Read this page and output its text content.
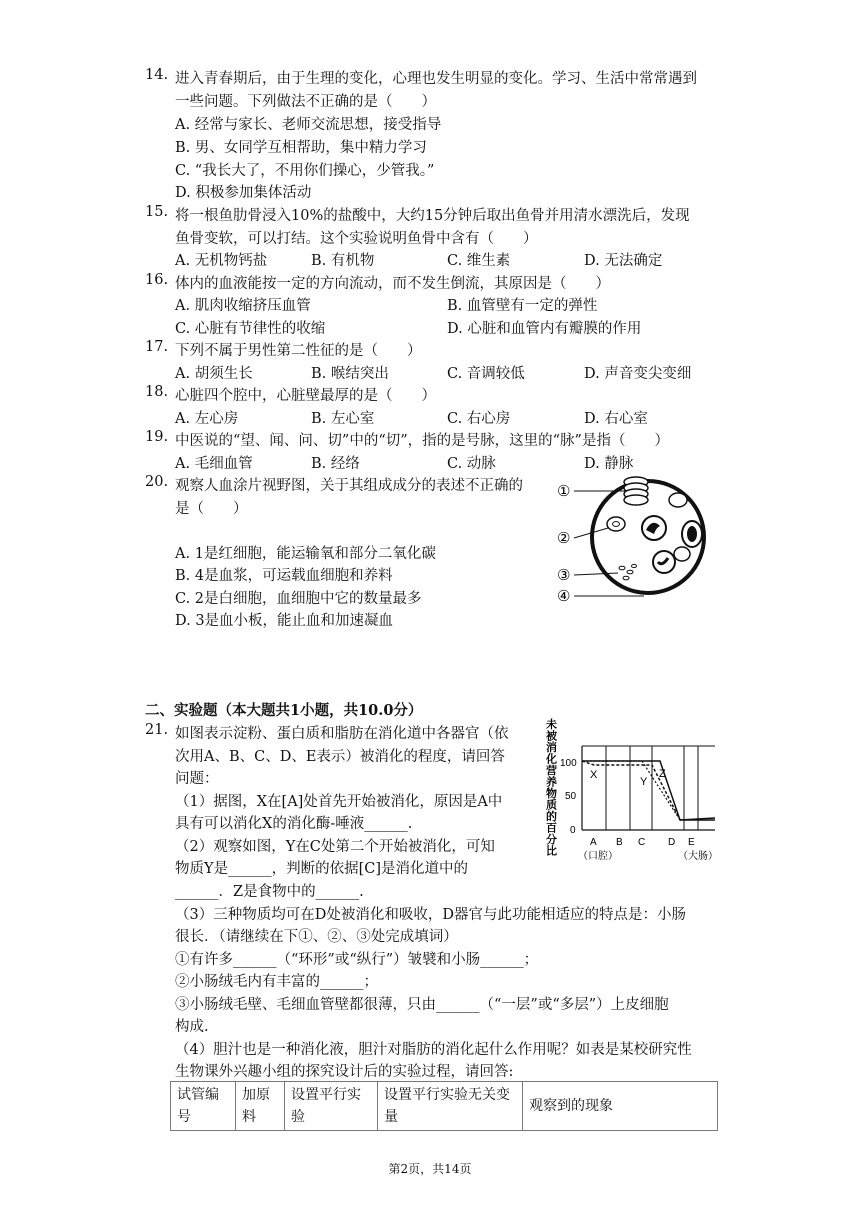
14. 进入青春期后，由于生理的变化，心理也发生明显的变化。学习、生活中常常遇到
一些问题。下列做法不正确的是（　　）
A. 经常与家长、老师交流思想，接受指导
B. 男、女同学互相帮助，集中精力学习
C. “我长大了，不用你们操心，少管我。”
D. 积极参加集体活动
15. 将一根鱼肋骨浸入10%的盐酸中，大约15分钟后取出鱼骨并用清水漂洗后，发现
鱼骨变软，可以打结。这个实验说明鱼骨中含有（　　）
A. 无机物钙盐	B. 有机物	C. 维生素	D. 无法确定
16. 体内的血液能按一定的方向流动，而不发生倒流，其原因是（　　）
A. 肌肉收缩挤压血管	B. 血管壁有一定的弹性
C. 心脏有节律性的收缩	D. 心脏和血管内有瓣膜的作用
17. 下列不属于男性第二性征的是（　　）
A. 胡须生长	B. 喉结突出	C. 音调较低	D. 声音变尖变细
18. 心脏四个腔中，心脏壁最厚的是（　　）
A. 左心房	B. 左心室	C. 右心房	D. 右心室
19. 中医说的“望、闻、问、切”中的“切”，指的是号脉，这里的“脉”是指（　　）
A. 毛细血管	B. 经络	C. 动脉	D. 静脉
20. 观察人血涂片视野图，关于其组成成分的表述不正确的
是（　　）
A. 1是红细胞，能运输氧和部分二氧化碳
B. 4是血浆，可运载血细胞和养料
C. 2是白细胞，血细胞中它的数量最多
D. 3是血小板，能止血和加速凝血
①
②
③
④
二、实验题（本大题共1小题，共10.0分）
21. 如图表示淀粉、蛋白质和脂肪在消化道中各器官（依
次用A、B、C、D、E表示）被消化的程度，请回答
问题：
（1）据图，X在[A]处首先开始被消化，原因是A中
具有可以消化X的消化酶-唾液______.
（2）观察如图，Y在C处第二个开始被消化，可知
物质Y是______，判断的依据[C]是消化道中的
______．Z是食物中的______.
（3）三种物质均可在D处被消化和吸收，D器官与此功能相适应的特点是：小肠
很长．（请继续在下①、②、③处完成填词）
①有许多______（“环形”或“纵行”）皱襞和小肠______；
②小肠绒毛内有丰富的______；
③小肠绒毛壁、毛细血管壁都很薄，只由______（“一层”或“多层”）上皮细胞
构成.
（4）胆汁也是一种消化液，胆汁对脂肪的消化起什么作用呢？如表是某校研究性
生物课外兴趣小组的探究设计后的实验过程，请回答:
未被消化营养物质的百分比
100
50
0
X
Y
Z
A B C D E
（口腔）	（大肠）
试管编号	加原料	设置平行实验	设置平行实验无关变量	观察到的现象
第2页，共14页
